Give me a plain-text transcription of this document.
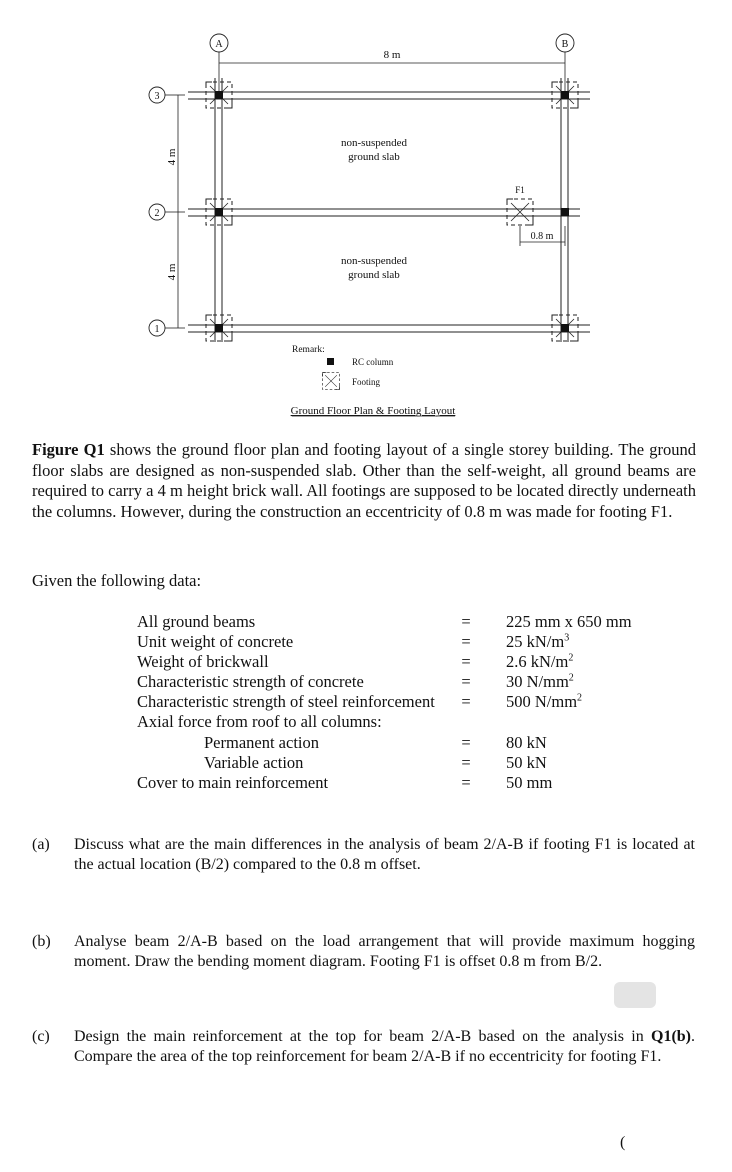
8 m
A	B
4 m
4 m
3
2
1
F1
0.8 m
non-suspended
ground slab
non-suspended
ground slab
Remark:
RC column
Footing
Ground Floor Plan & Footing Layout

Figure Q1 shows the ground floor plan and footing layout of a single storey building. The ground floor slabs are designed as non-suspended slab. Other than the self-weight, all ground beams are required to carry a 4 m height brick wall. All footings are supposed to be located directly underneath the columns. However, during the construction an eccentricity of 0.8 m was made for footing F1.

Given the following data:
All ground beams	= 225 mm x 650 mm
Unit weight of concrete	= 25 $kN/m^3$
Weight of brickwall	= 2.6 $kN/m^2$
Characteristic strength of concrete	= 30 $N/mm^2$
Characteristic strength of steel reinforcement = 500 $N/mm^2$
Axial force from roof to all columns:
Permanent action	= 80 kN
Variable action	= 50 kN
Cover to main reinforcement	= 50 mm
(a) Discuss what are the main differences in the analysis of beam 2/A-B if footing F1 is located at the actual location (B/2) compared to the 0.8 m offset.
(b) Analyse beam 2/A-B based on the load arrangement that will provide maximum hogging moment. Draw the bending moment diagram. Footing F1 is offset 0.8 m from B/2.
(c) Design the main reinforcement at the top for beam 2/A-B based on the analysis in Q1(b). Compare the area of the top reinforcement for beam 2/A-B if no eccentricity for footing F1.
(
